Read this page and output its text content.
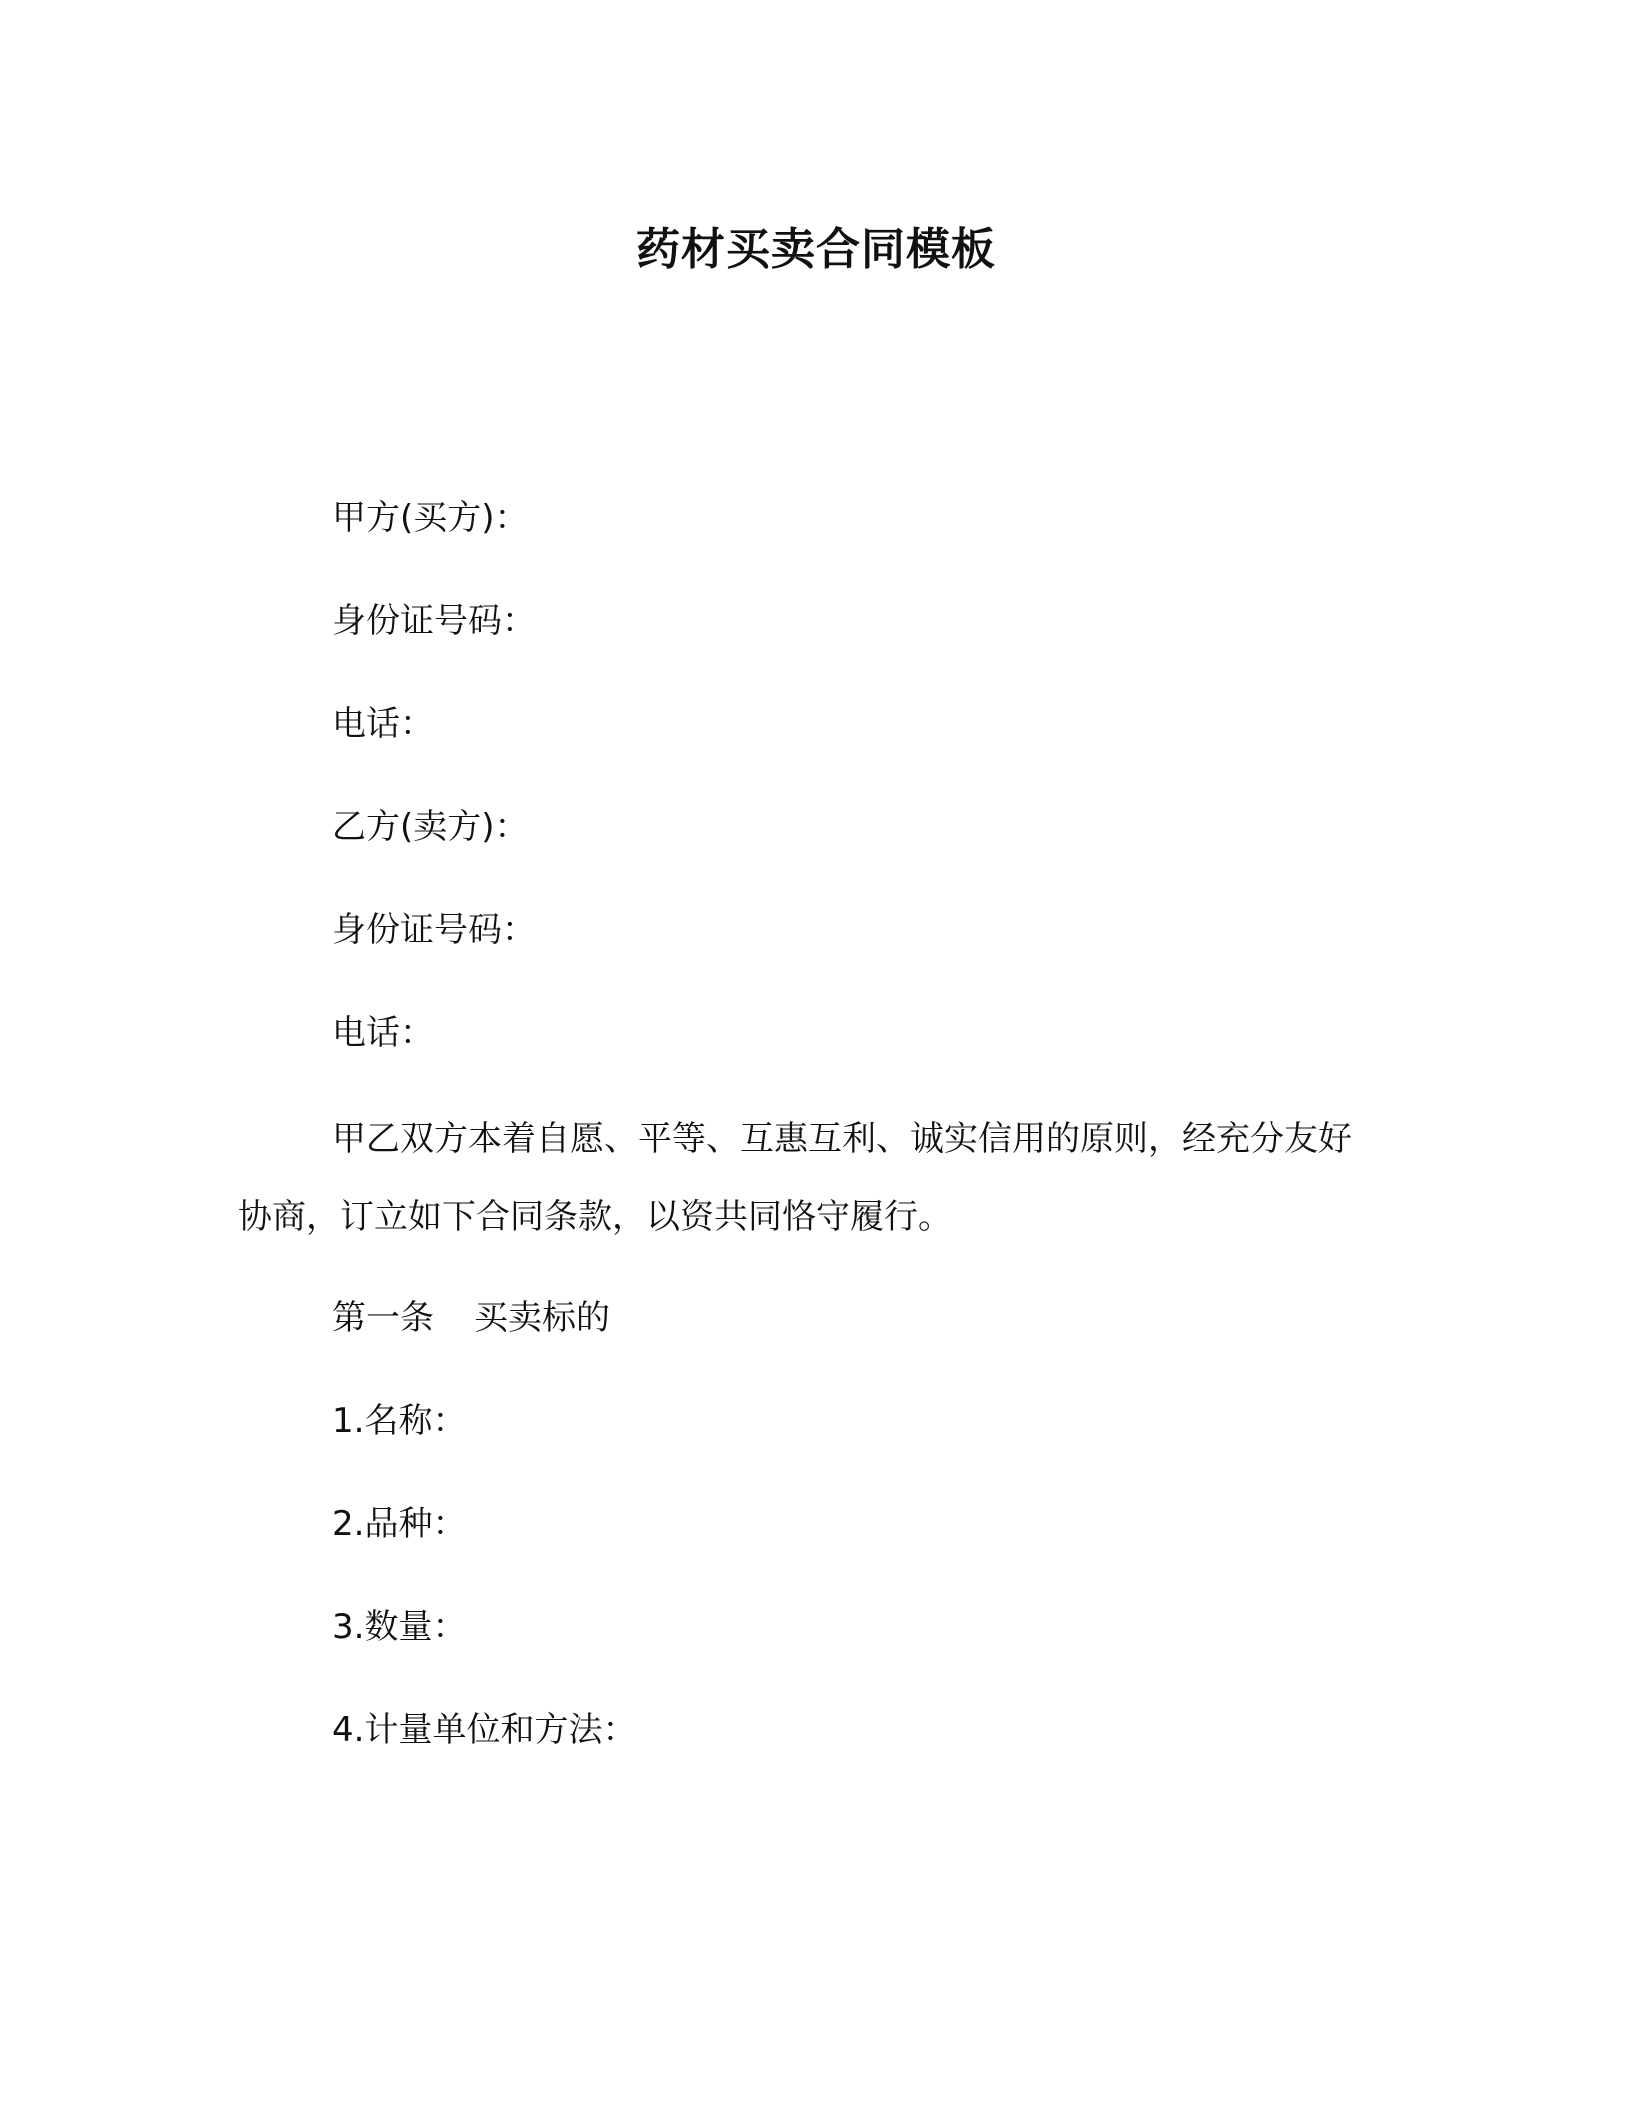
药材买卖合同模板
甲方(买方)：
身份证号码：
电话：
乙方(卖方)：
身份证号码：
电话：
甲乙双方本着自愿、平等、互惠互利、诚实信用的原则，经充分友好协商，订立如下合同条款，以资共同恪守履行。
第一条 买卖标的
1.名称：
2.品种：
3.数量：
4.计量单位和方法：
